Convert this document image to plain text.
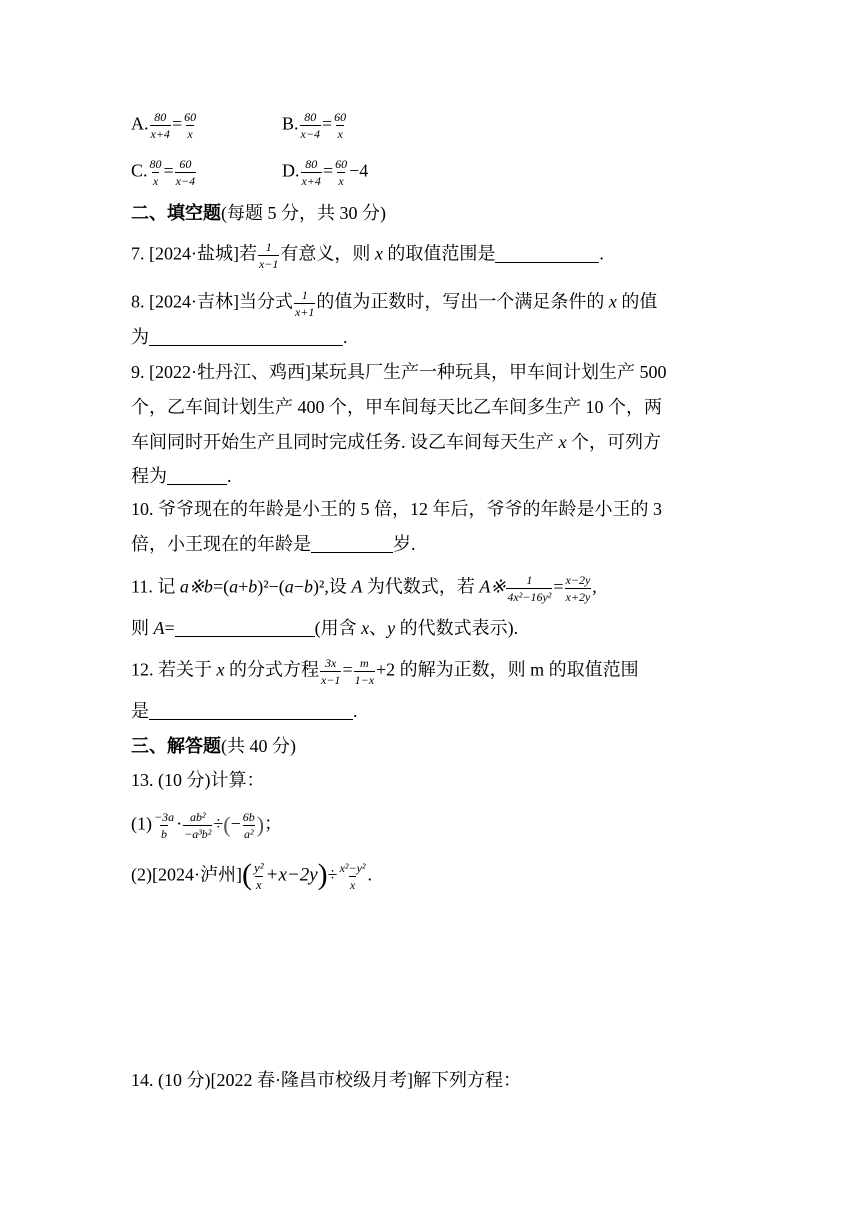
A. $\frac{80}{x+4} = \frac{60}{x}$	B. $\frac{80}{x-4} = \frac{60}{x}$
C. $\frac{80}{x} = \frac{60}{x-4}$	D. $\frac{80}{x+4} = \frac{60}{x} -4$
二、填空题(每题 5 分，共 30 分)
7. [2024·盐城]若 $\frac{1}{x-1}$ 有意义，则 x 的取值范围是	.
8. [2024·吉林]当分式 $\frac{1}{x+1}$ 的值为正数时，写出一个满足条件的 x 的值
为	.
9. [2022·牡丹江、鸡西]某玩具厂生产一种玩具，甲车间计划生产 500
个，乙车间计划生产 400 个，甲车间每天比乙车间多生产 10 个，两
车间同时开始生产且同时完成任务. 设乙车间每天生产 x 个，可列方
程为	.
10. 爷爷现在的年龄是小王的 5 倍，12 年后，爷爷的年龄是小王的 3
倍，小王现在的年龄是	岁.
11. 记 a※b=(a+b)²−(a−b)²,设 A 为代数式，若 A※ $\frac{1}{\text{4x²−16y²}} = \frac{x-2y}{x+2y}$ ,
则 A=	(用含 x、y 的代数式表示).
12. 若关于 x 的分式方程 $\frac{3x}{x-1} = \frac{m}{1-x} +2$ 的解为正数，则 m 的取值范围
是	.
三、解答题(共 40 分)
13. (10 分)计算：
$(1) \frac{-3a}{b} \cdot \frac{\text{ab²}}{\text{−a³b²}}$ ÷(− $\frac{6b}{\text{a²}}$ )；
(2)[2024·泸州]( $\frac{\text{y²}}{x} +x-2y)\div \frac{\text{x²−y²}}{x}$ .
14. (10 分)[2022 春·隆昌市校级月考]解下列方程：
